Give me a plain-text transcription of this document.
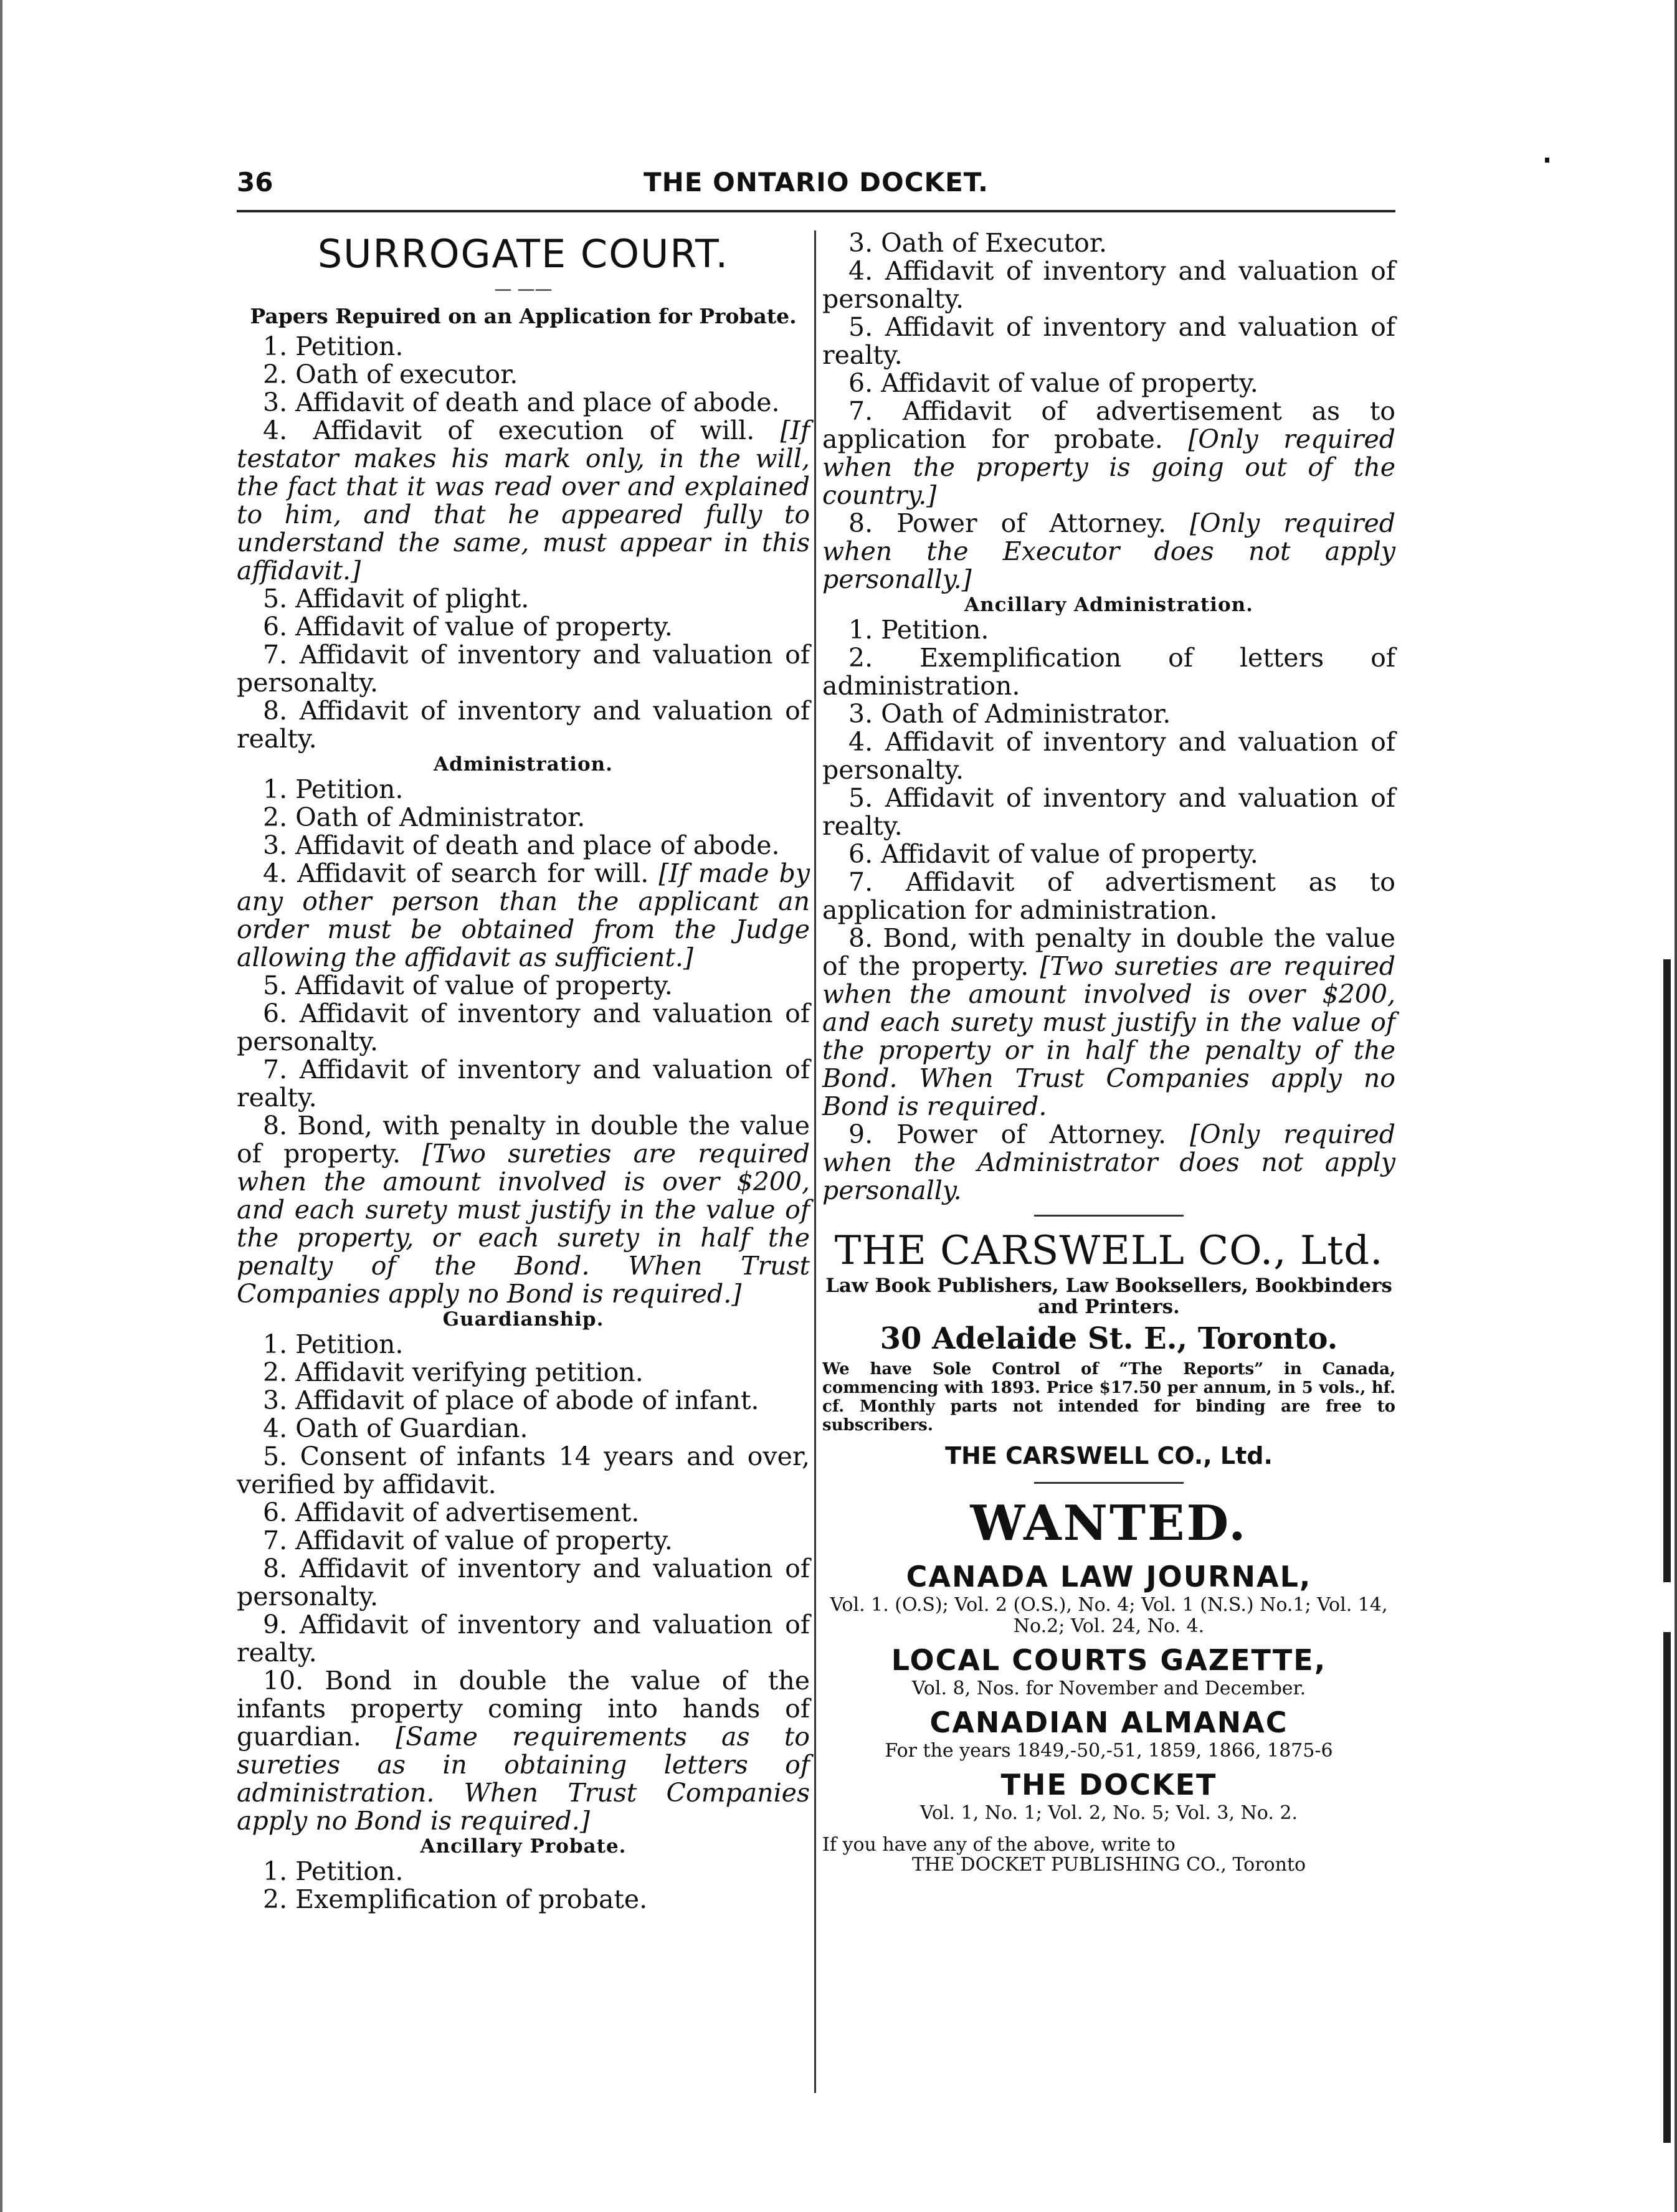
36	THE ONTARIO DOCKET.
SURROGATE COURT.
— ——
Papers Repuired on an Application for Probate.

1. Petition.

2. Oath of executor.

3. Affidavit of death and place of abode.

4. Affidavit of execution of will. [If testator makes his mark only, in the will, the fact that it was read over and explained to him, and that he appeared fully to understand the same, must appear in this affidavit.]

5. Affidavit of plight.

6. Affidavit of value of property.

7. Affidavit of inventory and valuation of personalty.

8. Affidavit of inventory and valuation of realty.

Administration.

1. Petition.

2. Oath of Administrator.

3. Affidavit of death and place of abode.

4. Affidavit of search for will. [If made by any other person than the applicant an order must be obtained from the Judge allowing the affidavit as sufficient.]

5. Affidavit of value of property.

6. Affidavit of inventory and valuation of personalty.

7. Affidavit of inventory and valuation of realty.

8. Bond, with penalty in double the value of property. [Two sureties are required when the amount involved is over $200, and each surety must justify in the value of the property, or each surety in half the penalty of the Bond. When Trust Companies apply no Bond is required.]

Guardianship.

1. Petition.

2. Affidavit verifying petition.

3. Affidavit of place of abode of infant.

4. Oath of Guardian.

5. Consent of infants 14 years and over, verified by affidavit.

6. Affidavit of advertisement.

7. Affidavit of value of property.

8. Affidavit of inventory and valuation of personalty.

9. Affidavit of inventory and valuation of realty.

10. Bond in double the value of the infants property coming into hands of guardian. [Same requirements as to sureties as in obtaining letters of administration. When Trust Companies apply no Bond is required.]

Ancillary Probate.

1. Petition.

2. Exemplification of probate.

3. Oath of Executor.

4. Affidavit of inventory and valuation of personalty.

5. Affidavit of inventory and valuation of realty.

6. Affidavit of value of property.

7. Affidavit of advertisement as to application for probate. [Only required when the property is going out of the country.]

8. Power of Attorney. [Only required when the Executor does not apply personally.]

Ancillary Administration.

1. Petition.

2. Exemplification of letters of administration.

3. Oath of Administrator.

4. Affidavit of inventory and valuation of personalty.

5. Affidavit of inventory and valuation of realty.

6. Affidavit of value of property.

7. Affidavit of advertisment as to application for administration.

8. Bond, with penalty in double the value of the property. [Two sureties are required when the amount involved is over $200, and each surety must justify in the value of the property or in half the penalty of the Bond. When Trust Companies apply no Bond is required.

9. Power of Attorney. [Only required when the Administrator does not apply personally.

THE CARSWELL CO., Ltd.
Law Book Publishers, Law Booksellers, Bookbinders and Printers.
30 Adelaide St. E., Toronto.
We have Sole Control of “The Reports” in Canada, commencing with 1893. Price $17.50 per annum, in 5 vols., hf. cf. Monthly parts not intended for binding are free to subscribers.
THE CARSWELL CO., Ltd.
WANTED.
CANADA LAW JOURNAL,
Vol. 1. (O.S); Vol. 2 (O.S.), No. 4; Vol. 1 (N.S.) No.1; Vol. 14, No.2; Vol. 24, No. 4.
LOCAL COURTS GAZETTE,
Vol. 8, Nos. for November and December.
CANADIAN ALMANAC
For the years 1849,-50,-51, 1859, 1866, 1875-6
THE DOCKET
Vol. 1, No. 1; Vol. 2, No. 5; Vol. 3, No. 2.
If you have any of the above, write to
THE DOCKET PUBLISHING CO., Toronto
